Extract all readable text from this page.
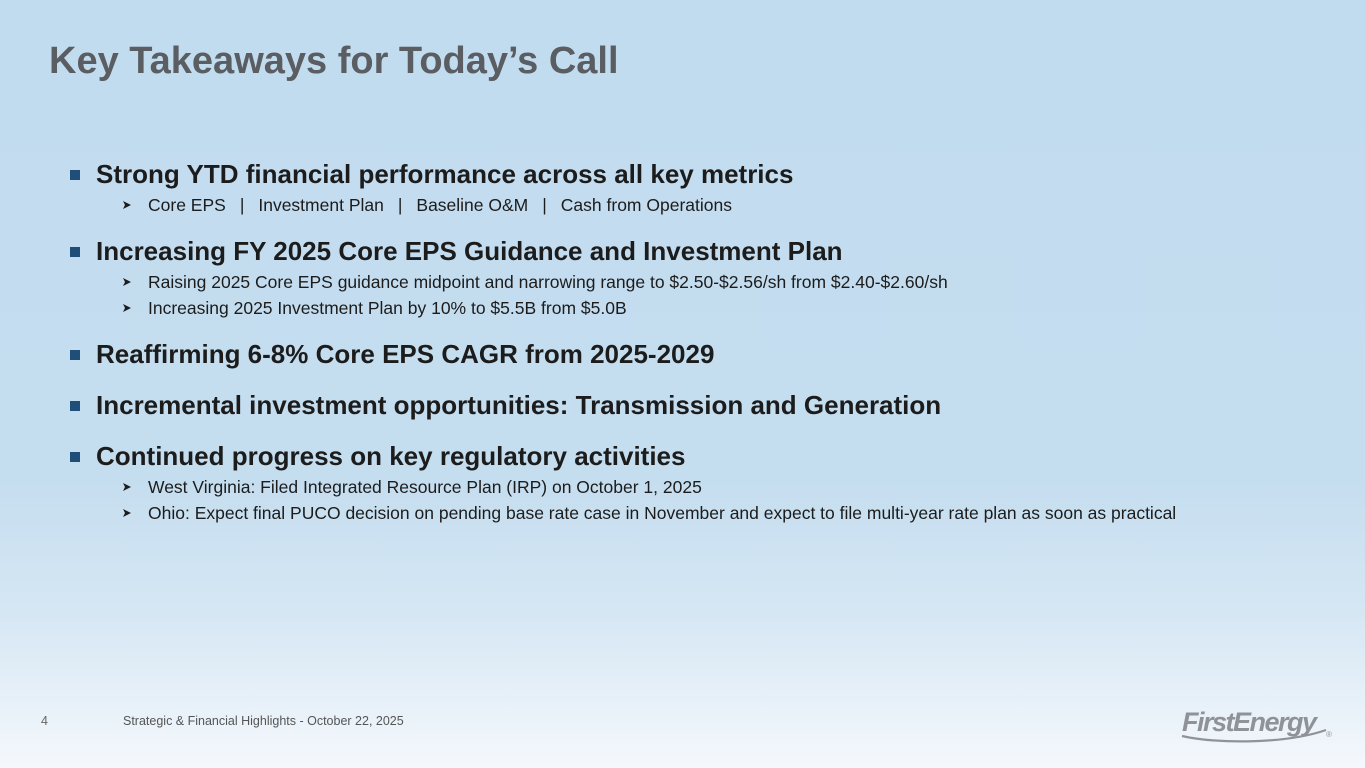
Key Takeaways for Today’s Call
Strong YTD financial performance across all key metrics
Core EPS | Investment Plan | Baseline O&M | Cash from Operations
Increasing FY 2025 Core EPS Guidance and Investment Plan
Raising 2025 Core EPS guidance midpoint and narrowing range to $2.50-$2.56/sh from $2.40-$2.60/sh
Increasing 2025 Investment Plan by 10% to $5.5B from $5.0B
Reaffirming 6-8% Core EPS CAGR from 2025-2029
Incremental investment opportunities: Transmission and Generation
Continued progress on key regulatory activities
West Virginia: Filed Integrated Resource Plan (IRP) on October 1, 2025
Ohio: Expect final PUCO decision on pending base rate case in November and expect to file multi-year rate plan as soon as practical
4	Strategic & Financial Highlights - October 22, 2025	FirstEnergy	®
